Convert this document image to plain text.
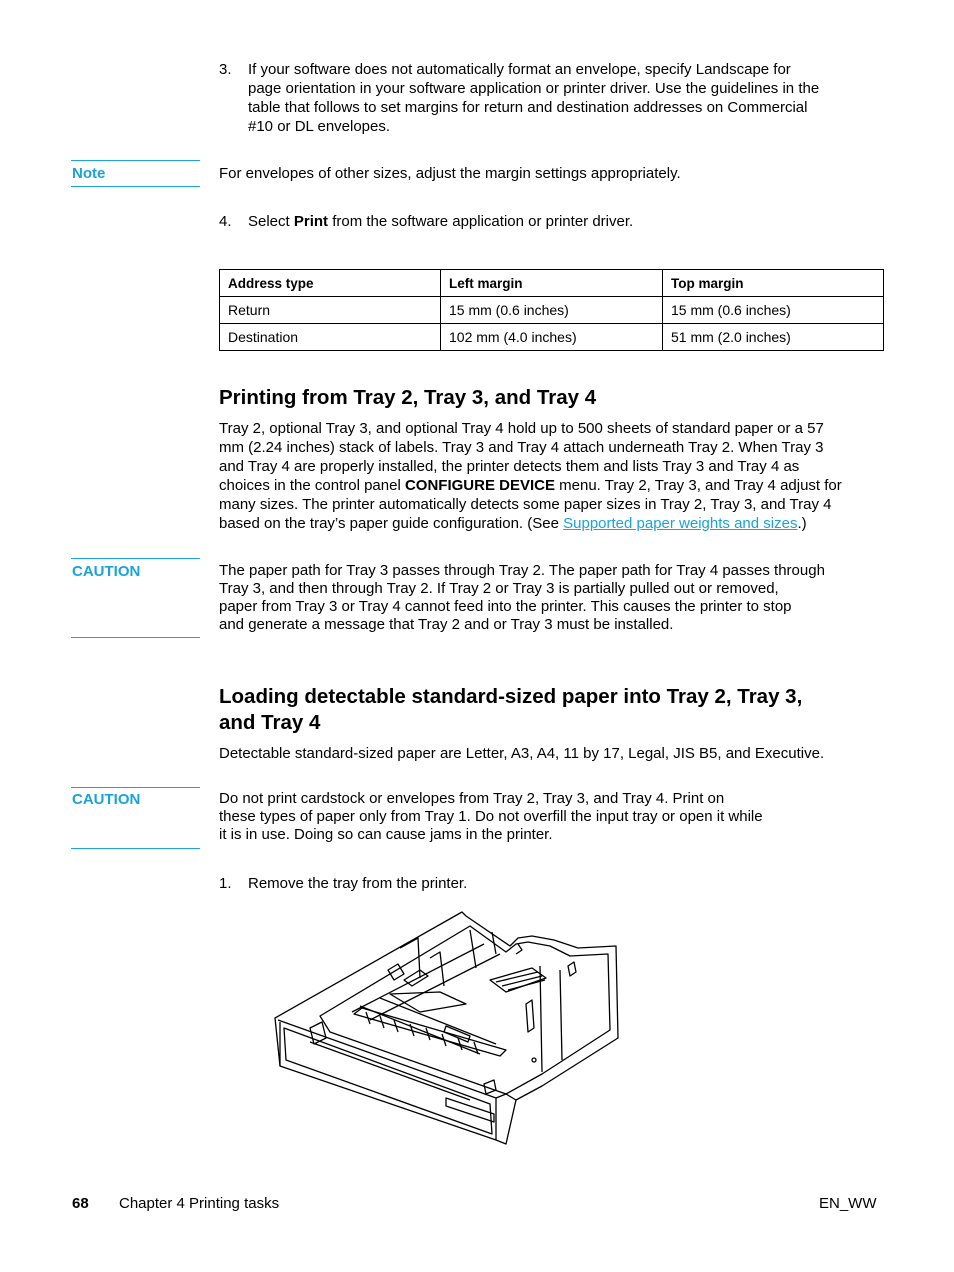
3. If your software does not automatically format an envelope, specify Landscape for
page orientation in your software application or printer driver. Use the guidelines in the
table that follows to set margins for return and destination addresses on Commercial
#10 or DL envelopes.
Note	For envelopes of other sizes, adjust the margin settings appropriately.
4. Select Print from the software application or printer driver.
Address type	Left margin	Top margin
Return	15 mm (0.6 inches)	15 mm (0.6 inches)
Destination	102 mm (4.0 inches)	51 mm (2.0 inches)
Printing from Tray 2, Tray 3, and Tray 4
Tray 2, optional Tray 3, and optional Tray 4 hold up to 500 sheets of standard paper or a 57
mm (2.24 inches) stack of labels. Tray 3 and Tray 4 attach underneath Tray 2. When Tray 3
and Tray 4 are properly installed, the printer detects them and lists Tray 3 and Tray 4 as
choices in the control panel CONFIGURE DEVICE menu. Tray 2, Tray 3, and Tray 4 adjust for
many sizes. The printer automatically detects some paper sizes in Tray 2, Tray 3, and Tray 4
based on the tray’s paper guide configuration. (See Supported paper weights and sizes.)
CAUTION	The paper path for Tray 3 passes through Tray 2. The paper path for Tray 4 passes through
Tray 3, and then through Tray 2. If Tray 2 or Tray 3 is partially pulled out or removed,
paper from Tray 3 or Tray 4 cannot feed into the printer. This causes the printer to stop
and generate a message that Tray 2 and or Tray 3 must be installed.
Loading detectable standard-sized paper into Tray 2, Tray 3,
and Tray 4
Detectable standard-sized paper are Letter, A3, A4, 11 by 17, Legal, JIS B5, and Executive.
CAUTION	Do not print cardstock or envelopes from Tray 2, Tray 3, and Tray 4. Print on
these types of paper only from Tray 1. Do not overfill the input tray or open it while
it is in use. Doing so can cause jams in the printer.
1. Remove the tray from the printer.
68 Chapter 4 Printing tasks	EN_WW
